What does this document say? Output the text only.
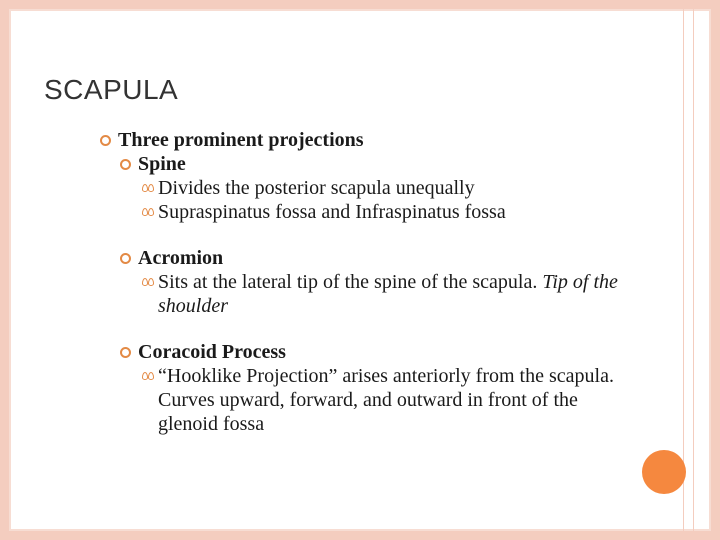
SCAPULA
Three prominent projections
Spine
Divides the posterior scapula unequally
Supraspinatus fossa and Infraspinatus fossa
Acromion
Sits at the lateral tip of the spine of the scapula. Tip of the shoulder
Coracoid Process
“Hooklike Projection” arises anteriorly from the scapula. Curves upward, forward, and outward in front of the glenoid fossa
